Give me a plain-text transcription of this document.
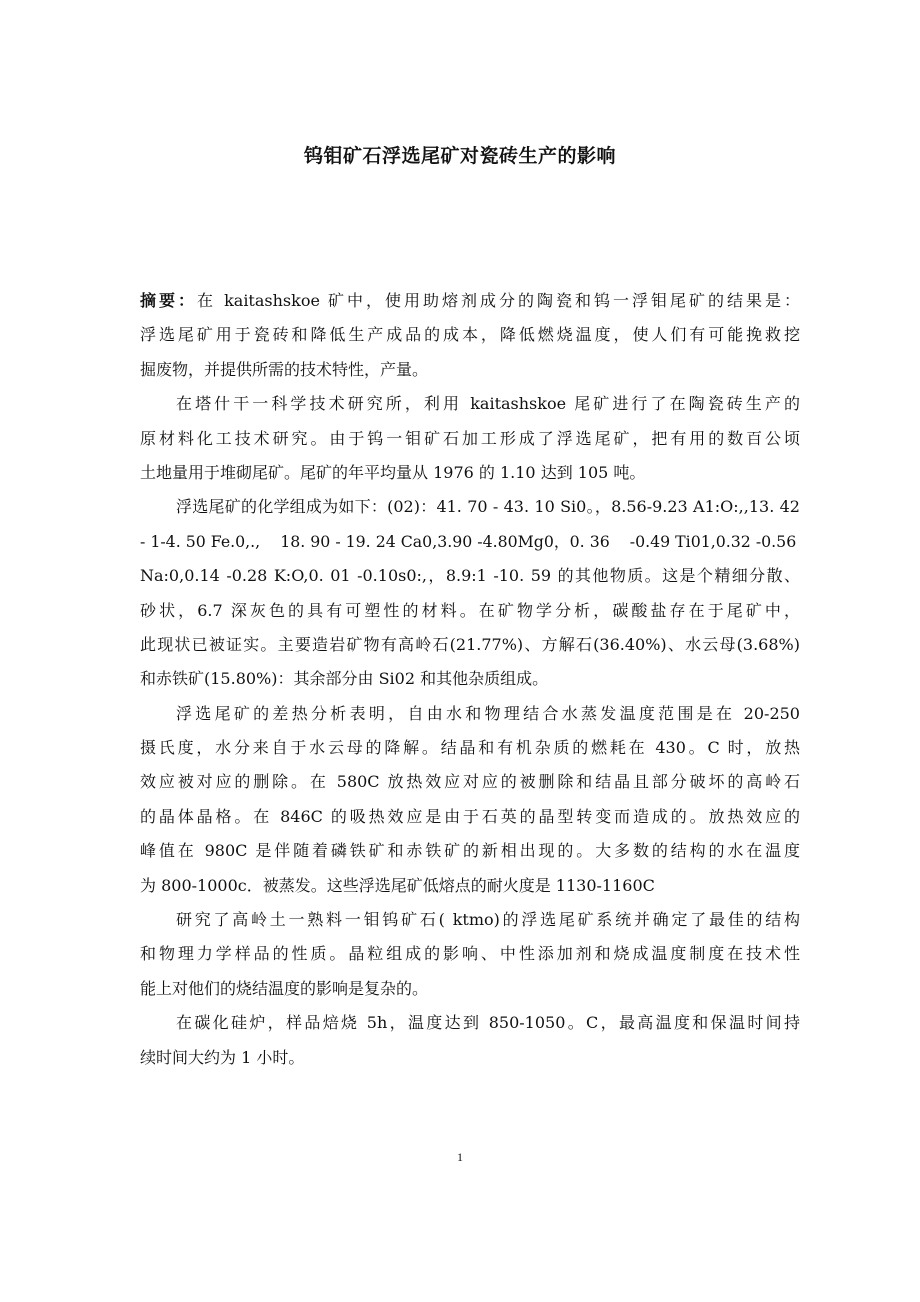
钨钼矿石浮选尾矿对瓷砖生产的影响
摘要：在 kaitashskoe 矿中，使用助熔剂成分的陶瓷和钨一浮钼尾矿的结果是：
浮选尾矿用于瓷砖和降低生产成品的成本，降低燃烧温度，使人们有可能挽救挖
掘废物，并提供所需的技术特性，产量。
在塔什干一科学技术研究所，利用 kaitashskoe 尾矿进行了在陶瓷砖生产的
原材料化工技术研究。由于钨一钼矿石加工形成了浮选尾矿，把有用的数百公顷
土地量用于堆砌尾矿。尾矿的年平均量从 1976 的 1.10 达到 105 吨。
浮选尾矿的化学组成为如下：(02)：41. 70 - 43. 10 Si0。，8.56-9.23 A1:O:,,13. 42
- 1-4. 50 Fe.0,.,    18. 90 - 19. 24 Ca0,3.90 -4.80Mg0，0. 36    -0.49 Ti01,0.32 -0.56
Na:0,0.14 -0.28 K:O,0. 01 -0.10s0:,，8.9:1 -10. 59 的其他物质。这是个精细分散、
砂状，6.7 深灰色的具有可塑性的材料。在矿物学分析，碳酸盐存在于尾矿中，
此现状已被证实。主要造岩矿物有高岭石(21.77%)、方解石(36.40%)、水云母(3.68%)
和赤铁矿(15.80%)：其余部分由 Si02 和其他杂质组成。
浮选尾矿的差热分析表明，自由水和物理结合水蒸发温度范围是在 20-250
摄氏度，水分来自于水云母的降解。结晶和有机杂质的燃耗在 430。C 时，放热
效应被对应的删除。在 580C 放热效应对应的被删除和结晶且部分破坏的高岭石
的晶体晶格。在 846C 的吸热效应是由于石英的晶型转变而造成的。放热效应的
峰值在 980C 是伴随着磷铁矿和赤铁矿的新相出现的。大多数的结构的水在温度
为 800-1000c．被蒸发。这些浮选尾矿低熔点的耐火度是 1130-1160C
研究了高岭土一熟料一钼钨矿石( ktmo)的浮选尾矿系统并确定了最佳的结构
和物理力学样品的性质。晶粒组成的影响、中性添加剂和烧成温度制度在技术性
能上对他们的烧结温度的影响是复杂的。
在碳化硅炉，样品焙烧 5h，温度达到 850-1050。C，最高温度和保温时间持
续时间大约为 1 小时。
1
